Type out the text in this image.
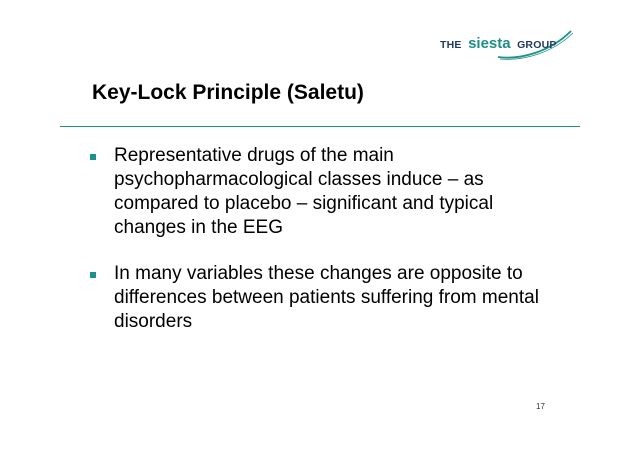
THE siesta GROUP
Key-Lock Principle (Saletu)
Representative drugs of the main psychopharmacological classes induce – as compared to placebo – significant and typical changes in the EEG
In many variables these changes are opposite to differences between patients suffering from mental disorders
17
